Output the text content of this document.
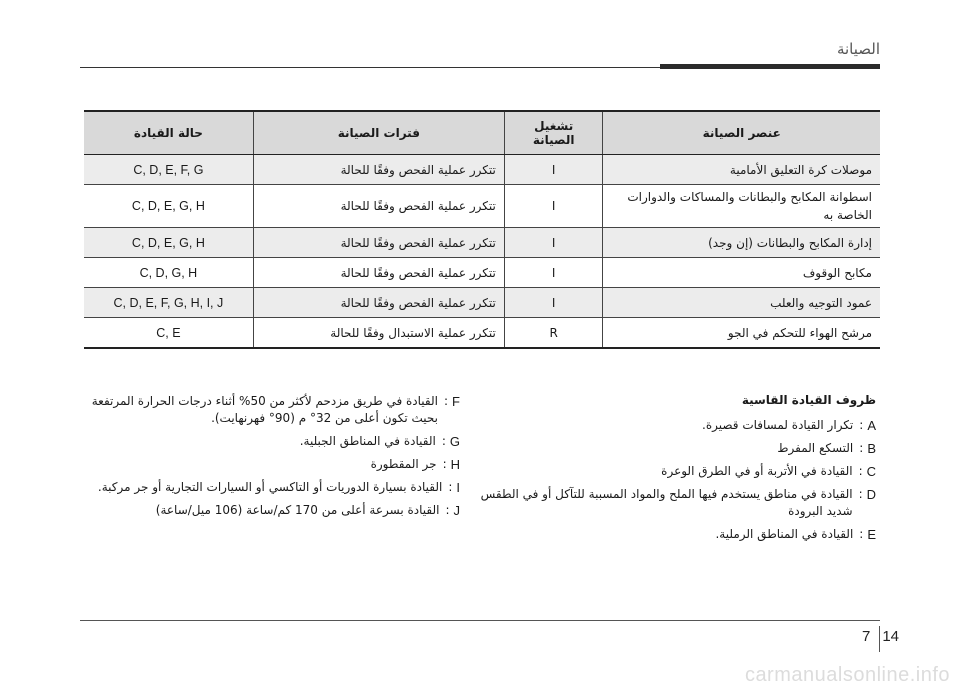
الصيانة
عنصر الصيانة	تشغيل الصيانة	فترات الصيانة	حالة القيادة
موصلات كرة التعليق الأمامية	I	تتكرر عملية الفحص وفقًا للحالة	C, D, E, F, G
اسطوانة المكابح والبطانات والمساكات والدوارات الخاصة به	I	تتكرر عملية الفحص وفقًا للحالة	C, D, E, G, H
إدارة المكابح والبطانات (إن وجد)	I	تتكرر عملية الفحص وفقًا للحالة	C, D, E, G, H
مكابح الوقوف	I	تتكرر عملية الفحص وفقًا للحالة	C, D, G, H
عمود التوجيه والعلب	I	تتكرر عملية الفحص وفقًا للحالة	C, D, E, F, G, H, I, J
مرشح الهواء للتحكم في الجو	R	تتكرر عملية الاستبدال وفقًا للحالة	C, E
ظروف القيادة القاسية
A
:
تكرار القيادة لمسافات قصيرة.
B
:
التسكع المفرط
C
:
القيادة في الأتربة أو في الطرق الوعرة
D
:
القيادة في مناطق يستخدم فيها الملح والمواد المسببة للتآكل أو في الطقس شديد البرودة
E
:
القيادة في المناطق الرملية.
F
:
القيادة في طريق مزدحم لأكثر من 50% أثناء درجات الحرارة المرتفعة بحيث تكون أعلى من 32° م (90° فهرنهايت).
G
:
القيادة في المناطق الجبلية.
H
:
جر المقطورة
I
:
القيادة بسيارة الدوريات أو التاكسي أو السيارات التجارية أو جر مركبة.
J
:
القيادة بسرعة أعلى من 170 كم/ساعة (106 ميل/ساعة)
7 14
carmanualsonline.info
